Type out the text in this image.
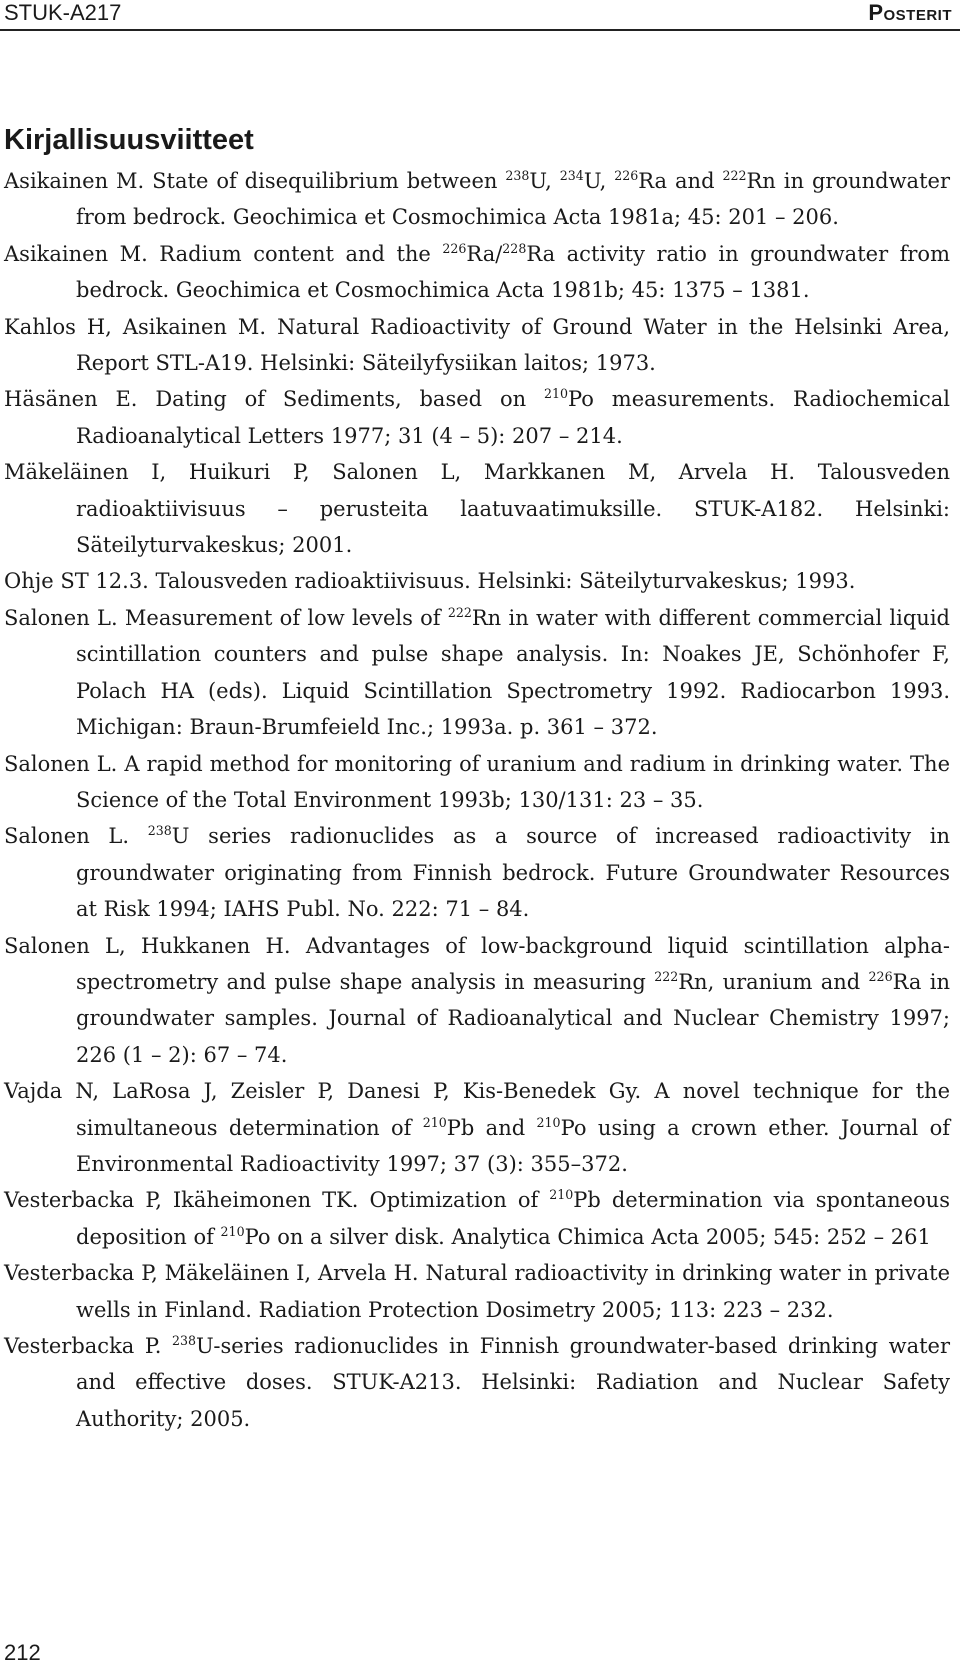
STUK-A217	Posterit
Kirjallisuusviitteet

Asikainen M. State of disequilibrium between $^{238}$U, $^{234}$U, $^{226}$Ra and $^{222}$Rn in groundwater from bedrock. Geochimica et Cosmochimica Acta 1981a; 45: 201 – 206.

Asikainen M. Radium content and the $^{226}$Ra/$^{228}$Ra activity ratio in groundwater from bedrock. Geochimica et Cosmochimica Acta 1981b; 45: 1375 – 1381.

Kahlos H, Asikainen M. Natural Radioactivity of Ground Water in the Helsinki Area, Report STL-A19. Helsinki: Säteilyfysiikan laitos; 1973.

Häsänen E. Dating of Sediments, based on $^{210}$Po measurements. Radiochemical Radioanalytical Letters 1977; 31 (4 – 5): 207 – 214.

Mäkeläinen I, Huikuri P, Salonen L, Markkanen M, Arvela H. Talousveden radioaktiivisuus – perusteita laatuvaatimuksille. STUK-A182. Helsinki: Säteilyturvakeskus; 2001.

Ohje ST 12.3. Talousveden radioaktiivisuus. Helsinki: Säteilyturvakeskus; 1993.

Salonen L. Measurement of low levels of $^{222}$Rn in water with different commercial liquid scintillation counters and pulse shape analysis. In: Noakes JE, Schönhofer F, Polach HA (eds). Liquid Scintillation Spectrometry 1992. Radiocarbon 1993. Michigan: Braun-Brumfeield Inc.; 1993a. p. 361 – 372.

Salonen L. A rapid method for monitoring of uranium and radium in drinking water. The Science of the Total Environment 1993b; 130/131: 23 – 35.

Salonen L. $^{238}$U series radionuclides as a source of increased radioactivity in groundwater originating from Finnish bedrock. Future Groundwater Resources at Risk 1994; IAHS Publ. No. 222: 71 – 84.

Salonen L, Hukkanen H. Advantages of low-background liquid scintillation alpha-spectrometry and pulse shape analysis in measuring $^{222}$Rn, uranium and $^{226}$Ra in groundwater samples. Journal of Radioanalytical and Nuclear Chemistry 1997; 226 (1 – 2): 67 – 74.

Vajda N, LaRosa J, Zeisler P, Danesi P, Kis-Benedek Gy. A novel technique for the simultaneous determination of $^{210}$Pb and $^{210}$Po using a crown ether. Journal of Environmental Radioactivity 1997; 37 (3): 355–372.

Vesterbacka P, Ikäheimonen TK. Optimization of $^{210}$Pb determination via spontaneous deposition of $^{210}$Po on a silver disk. Analytica Chimica Acta 2005; 545: 252 – 261

Vesterbacka P, Mäkeläinen I, Arvela H. Natural radioactivity in drinking water in private wells in Finland. Radiation Protection Dosimetry 2005; 113: 223 – 232.

Vesterbacka P. $^{238}$U-series radionuclides in Finnish groundwater-based drinking water and effective doses. STUK-A213. Helsinki: Radiation and Nuclear Safety Authority; 2005.

212
